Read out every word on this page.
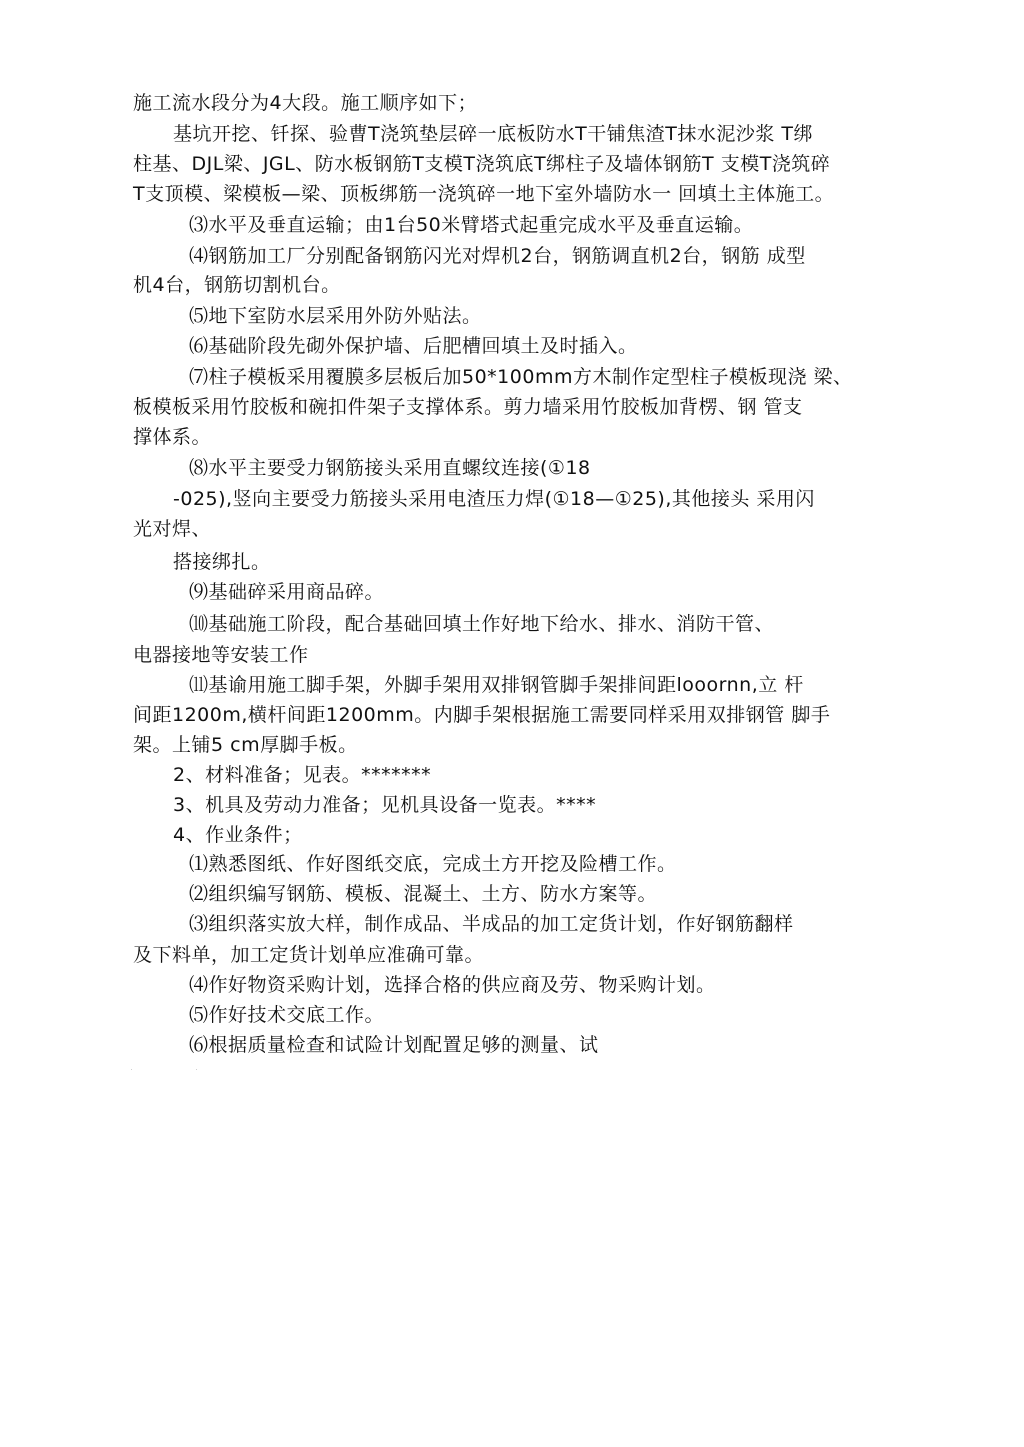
施工流水段分为4大段。施工顺序如下；
基坑开挖、钎探、验曹T浇筑垫层碎一底板防水T干铺焦渣T抹水泥沙浆 T绑
柱基、DJL梁、JGL、防水板钢筋T支模T浇筑底T绑柱子及墙体钢筋T 支模T浇筑碎
T支顶模、梁模板—梁、顶板绑筋一浇筑碎一地下室外墙防水一 回填土主体施工。
⑶水平及垂直运输；由1台50米臂塔式起重完成水平及垂直运输。
⑷钢筋加工厂分别配备钢筋闪光对焊机2台，钢筋调直机2台，钢筋 成型
机4台，钢筋切割机台。
⑸地下室防水层采用外防外贴法。
⑹基础阶段先砌外保护墙、后肥槽回填土及时插入。
⑺柱子模板采用覆膜多层板后加50*100mm方木制作定型柱子模板现浇 梁、
板模板采用竹胶板和碗扣件架子支撑体系。剪力墙采用竹胶板加背楞、钢 管支
撑体系。
⑻水平主要受力钢筋接头采用直螺纹连接(①18
-025),竖向主要受力筋接头采用电渣压力焊(①18—①25),其他接头 采用闪
光对焊、
搭接绑扎。
⑼基础碎采用商品碎。
⑽基础施工阶段，配合基础回填土作好地下给水、排水、消防干管、
电器接地等安装工作
⑾基谕用施工脚手架，外脚手架用双排钢管脚手架排间距looornn,立 杆
间距1200m,横杆间距1200mm。内脚手架根据施工需要同样采用双排钢管 脚手
架。上铺5 cm厚脚手板。
2、材料准备；见表。*******
3、机具及劳动力准备；见机具设备一览表。****
4、作业条件；
⑴熟悉图纸、作好图纸交底，完成土方开挖及险槽工作。
⑵组织编写钢筋、模板、混凝土、土方、防水方案等。
⑶组织落实放大样，制作成品、半成品的加工定货计划，作好钢筋翻样
及下料单，加工定货计划单应准确可靠。
⑷作好物资采购计划，选择合格的供应商及劳、物采购计划。
⑸作好技术交底工作。
⑹根据质量检查和试险计划配置足够的测量、试
